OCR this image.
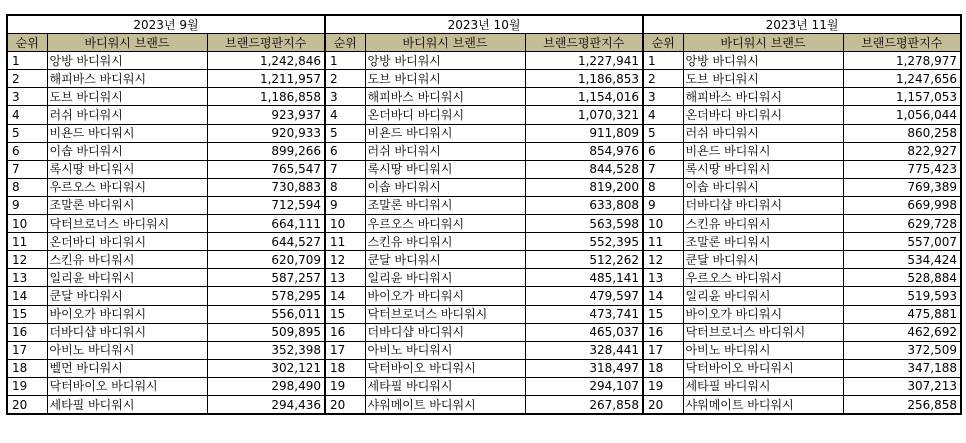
2023년 9월			2023년 10월			2023년 11월		
순위	바디워시 브랜드	브랜드평판지수	순위	바디워시 브랜드	브랜드평판지수	순위	바디워시 브랜드	브랜드평판지수
1	앙방 바디워시	1,242,846	1	앙방 바디워시	1,227,941	1	앙방 바디워시	1,278,977
2	해피바스 바디워시	1,211,957	2	도브 바디워시	1,186,853	2	도브 바디워시	1,247,656
3	도브 바디워시	1,186,858	3	해피바스 바디워시	1,154,016	3	해피바스 바디워시	1,157,053
4	러쉬 바디워시	923,937	4	온더바디 바디워시	1,070,321	4	온더바디 바디워시	1,056,044
5	비욘드 바디워시	920,933	5	비욘드 바디워시	911,809	5	러쉬 바디워시	860,258
6	이솝 바디워시	899,266	6	러쉬 바디워시	854,976	6	비욘드 바디워시	822,927
7	록시땅 바디워시	765,547	7	록시땅 바디워시	844,528	7	록시땅 바디워시	775,423
8	우르오스 바디워시	730,883	8	이솝 바디워시	819,200	8	이솝 바디워시	769,389
9	조말론 바디워시	712,594	9	조말론 바디워시	633,808	9	더바디샵 바디워시	669,998
10	닥터브로너스 바디워시	664,111	10	우르오스 바디워시	563,598	10	스킨유 바디워시	629,728
11	온더바디 바디워시	644,527	11	스킨유 바디워시	552,395	11	조말론 바디워시	557,007
12	스킨유 바디워시	620,709	12	쿤달 바디워시	512,262	12	쿤달 바디워시	534,424
13	일리윤 바디워시	587,257	13	일리윤 바디워시	485,141	13	우르오스 바디워시	528,884
14	쿤달 바디워시	578,295	14	바이오가 바디워시	479,597	14	일리윤 바디워시	519,593
15	바이오가 바디워시	556,011	15	닥터브로너스 바디워시	473,741	15	바이오가 바디워시	475,881
16	더바디샵 바디워시	509,895	16	더바디샵 바디워시	465,037	16	닥터브로너스 바디워시	462,692
17	아비노 바디워시	352,398	17	아비노 바디워시	328,441	17	아비노 바디워시	372,509
18	벨먼 바디워시	302,121	18	닥터바이오 바디워시	318,497	18	닥터바이오 바디워시	347,188
19	닥터바이오 바디워시	298,490	19	세타필 바디워시	294,107	19	세타필 바디워시	307,213
20	세타필 바디워시	294,436	20	샤워메이트 바디워시	267,858	20	샤워메이트 바디워시	256,858
